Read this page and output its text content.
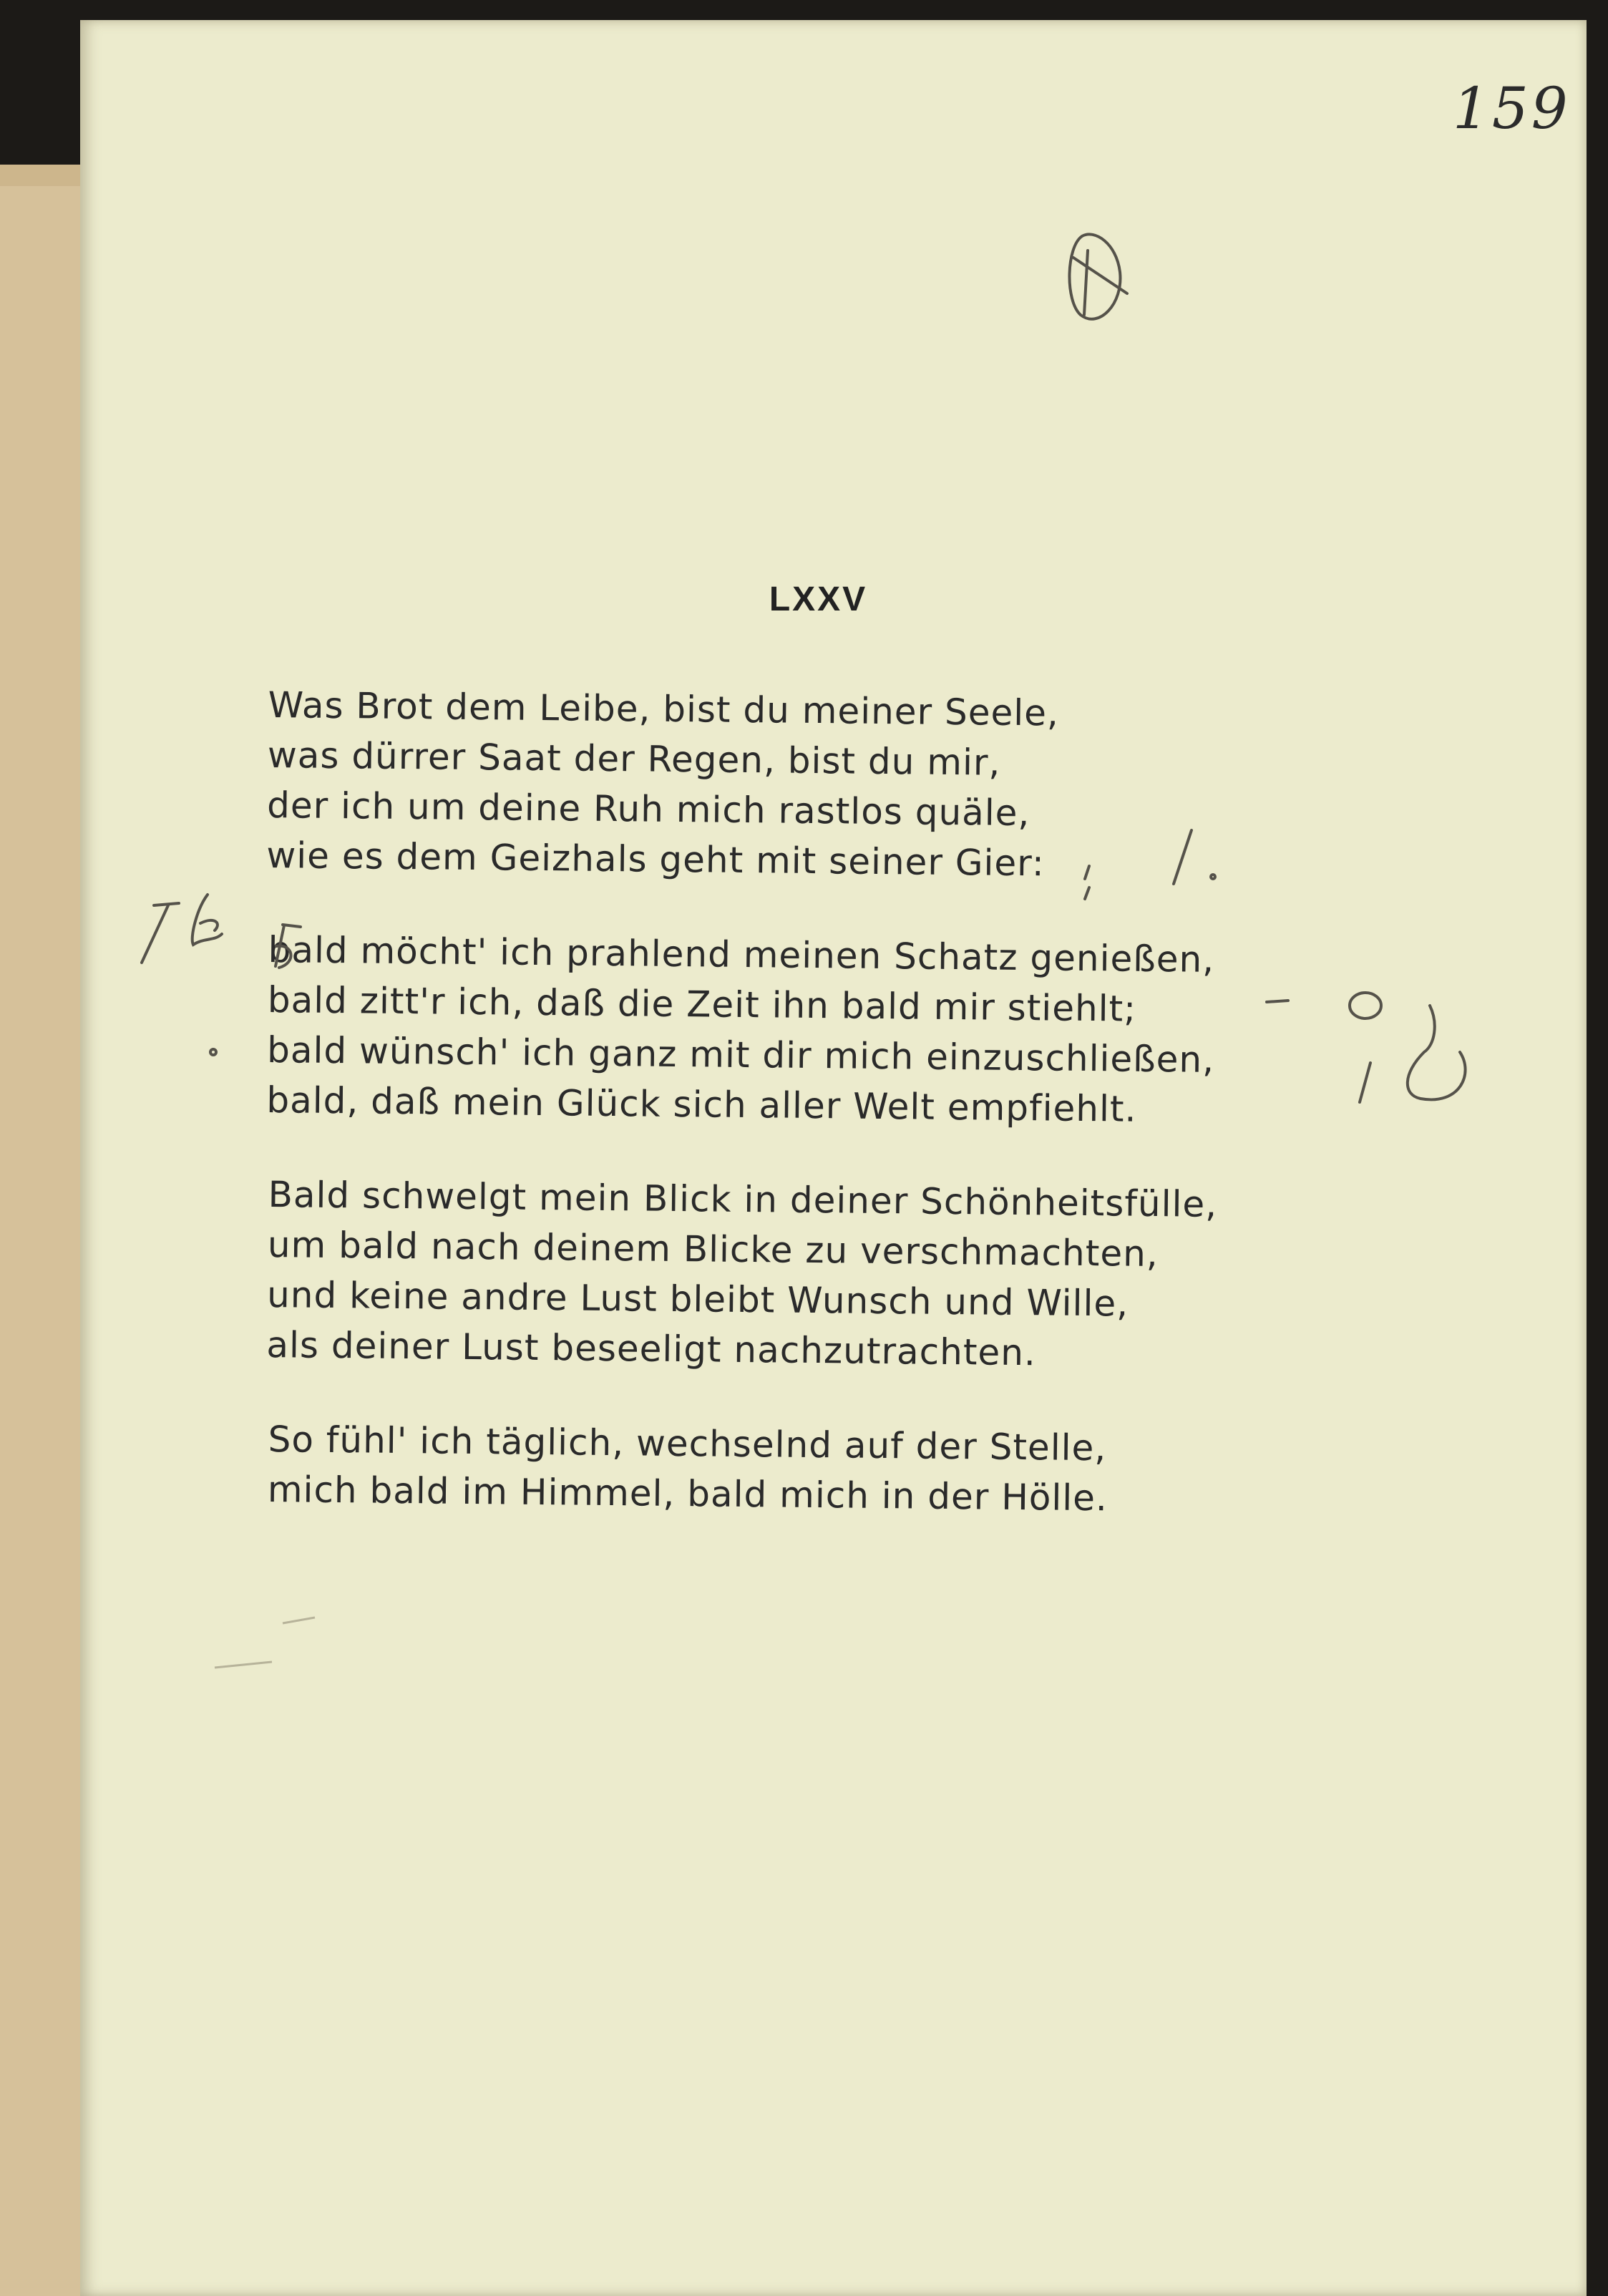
159
LXXV
Was Brot dem Leibe, bist du meiner Seele,
was dürrer Saat der Regen, bist du mir,
der ich um deine Ruh mich rastlos quäle,
wie es dem Geizhals geht mit seiner Gier:
bald möcht' ich prahlend meinen Schatz genießen,
bald zitt'r ich, daß die Zeit ihn bald mir stiehlt;
bald wünsch' ich ganz mit dir mich einzuschließen,
bald, daß mein Glück sich aller Welt empfiehlt.
Bald schwelgt mein Blick in deiner Schönheitsfülle,
um bald nach deinem Blicke zu verschmachten,
und keine andre Lust bleibt Wunsch und Wille,
als deiner Lust beseeligt nachzutrachten.
So fühl' ich täglich, wechselnd auf der Stelle,
mich bald im Himmel, bald mich in der Hölle.
